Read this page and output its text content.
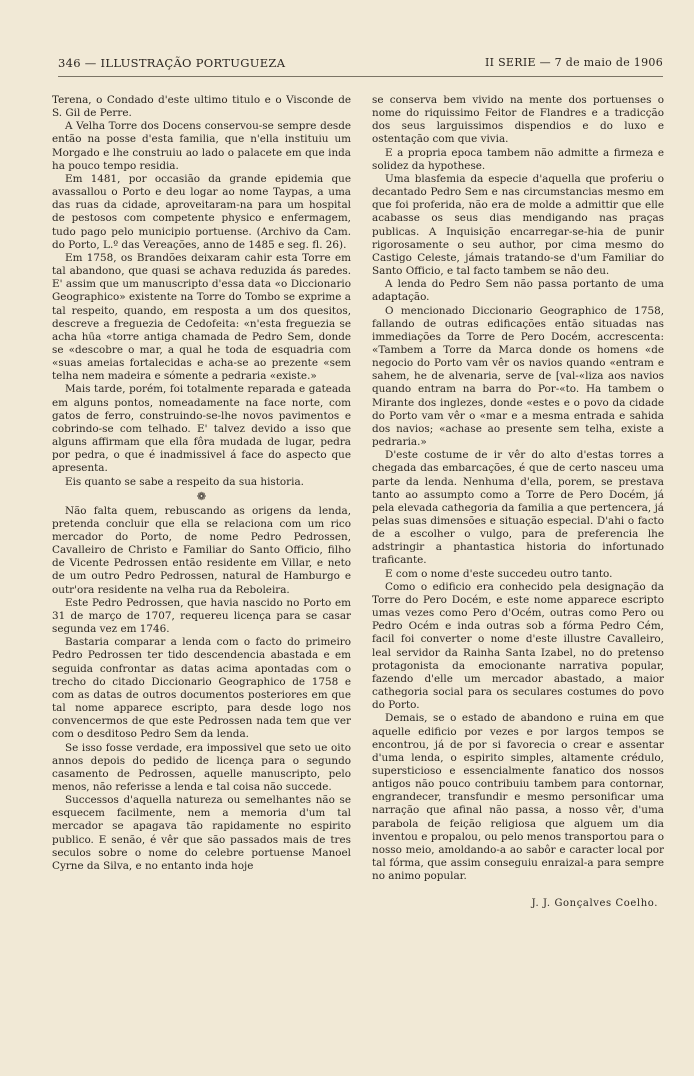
346 — ILLUSTRAÇÃO PORTUGUEZA	II SERIE — 7 de maio de 1906

Terena, o Condado d'este ultimo titulo e o Visconde de S. Gil de Perre.

A Velha Torre dos Docens conservou-se sempre desde então na posse d'esta familia, que n'ella instituiu um Morgado e lhe construiu ao lado o palacete em que inda ha pouco tempo residia.

Em 1481, por occasião da grande epidemia que avassallou o Porto e deu logar ao nome Taypas, a uma das ruas da cidade, aproveitaram-na para um hospital de pestosos com competente physico e enfermagem, tudo pago pelo municipio portuense. (Archivo da Cam. do Porto, L.º das Vereações, anno de 1485 e seg. fl. 26).

Em 1758, os Brandões deixaram cahir esta Torre em tal abandono, que quasi se achava reduzida ás paredes. E' assim que um manuscripto d'essa data «o Diccionario Geographico» existente na Torre do Tombo se exprime a tal respeito, quando, em resposta a um dos quesitos, descreve a freguezia de Cedofeita: «n'esta freguezia se acha hūa «torre antiga chamada de Pedro Sem, donde se «descobre o mar, a qual he toda de esquadria com «suas ameias fortalecidas e acha-se ao prezente «sem telha nem madeira e sómente a pedraria «existe.»

Mais tarde, porém, foi totalmente reparada e gateada em alguns pontos, nomeadamente na face norte, com gatos de ferro, construindo-se-lhe novos pavimentos e cobrindo-se com telhado. E' talvez devido a isso que alguns affirmam que ella fôra mudada de lugar, pedra por pedra, o que é inadmissivel á face do aspecto que apresenta.

Eis quanto se sabe a respeito da sua historia.

❁

Não falta quem, rebuscando as origens da lenda, pretenda concluir que ella se relaciona com um rico mercador do Porto, de nome Pedro Pedrossen, Cavalleiro de Christo e Familiar do Santo Officio, filho de Vicente Pedrossen então residente em Villar, e neto de um outro Pedro Pedrossen, natural de Hamburgo e outr'ora residente na velha rua da Reboleira.

Este Pedro Pedrossen, que havia nascido no Porto em 31 de março de 1707, requereu licença para se casar segunda vez em 1746.

Bastaria comparar a lenda com o facto do primeiro Pedro Pedrossen ter tido descendencia abastada e em seguida confrontar as datas acima apontadas com o trecho do citado Diccionario Geographico de 1758 e com as datas de outros documentos posteriores em que tal nome apparece escripto, para desde logo nos convencermos de que este Pedrossen nada tem que ver com o desditoso Pedro Sem da lenda.

Se isso fosse verdade, era impossivel que seto ue oito annos depois do pedido de licença para o segundo casamento de Pedrossen, aquelle manuscripto, pelo menos, não referisse a lenda e tal coisa não succede.

Successos d'aquella natureza ou semelhantes não se esquecem facilmente, nem a memoria d'um tal mercador se apagava tão rapidamente no espirito publico. E senão, é vêr que são passados mais de tres seculos sobre o nome do celebre portuense Manoel Cyrne da Silva, e no entanto inda hoje

se conserva bem vivido na mente dos portuenses o nome do riquissimo Feitor de Flandres e a tradicção dos seus larguissimos dispendios e do luxo e ostentação com que vivia.

E a propria epoca tambem não admitte a firmeza e solidez da hypothese.

Uma blasfemia da especie d'aquella que proferiu o decantado Pedro Sem e nas circumstancias mesmo em que foi proferida, não era de molde a admittir que elle acabasse os seus dias mendigando nas praças publicas. A Inquisição encarregar-se-hia de punir rigorosamente o seu author, por cima mesmo do Castigo Celeste, jámais tratando-se d'um Familiar do Santo Officio, e tal facto tambem se não deu.

A lenda do Pedro Sem não passa portanto de uma adaptação.

O mencionado Diccionario Geographico de 1758, fallando de outras edificações então situadas nas immediações da Torre de Pero Docém, accrescenta: «Tambem a Torre da Marca donde os homens «de negocio do Porto vam vêr os navios quando «entram e sahem, he de alvenaria, serve de [val-«liza aos navios quando entram na barra do Por-«to. Ha tambem o Mirante dos inglezes, donde «estes e o povo da cidade do Porto vam vêr o «mar e a mesma entrada e sahida dos navios; «achase ao presente sem telha, existe a pedraria.»

D'este costume de ir vêr do alto d'estas torres a chegada das embarcações, é que de certo nasceu uma parte da lenda. Nenhuma d'ella, porem, se prestava tanto ao assumpto como a Torre de Pero Docém, já pela elevada cathegoria da familia a que pertencera, já pelas suas dimensões e situação especial. D'ahi o facto de a escolher o vulgo, para de preferencia lhe adstringir a phantastica historia do infortunado traficante.

E com o nome d'este succedeu outro tanto.

Como o edificio era conhecido pela designação da Torre do Pero Docém, e este nome apparece escripto umas vezes como Pero d'Océm, outras como Pero ou Pedro Océm e inda outras sob a fórma Pedro Cém, facil foi converter o nome d'este illustre Cavalleiro, leal servidor da Rainha Santa Izabel, no do pretenso protagonista da emocionante narrativa popular, fazendo d'elle um mercador abastado, a maior cathegoria social para os seculares costumes do povo do Porto.

Demais, se o estado de abandono e ruina em que aquelle edificio por vezes e por largos tempos se encontrou, já de por si favorecia o crear e assentar d'uma lenda, o espirito simples, altamente crédulo, supersticioso e essencialmente fanatico dos nossos antigos não pouco contribuiu tambem para contornar, engrandecer, transfundir e mesmo personificar uma narração que afinal não passa, a nosso vêr, d'uma parabola de feição religiosa que alguem um dia inventou e propalou, ou pelo menos transportou para o nosso meio, amoldando-a ao sabôr e caracter local por tal fórma, que assim conseguiu enraizal-a para sempre no animo popular.

J. J. Gonçalves Coelho.
